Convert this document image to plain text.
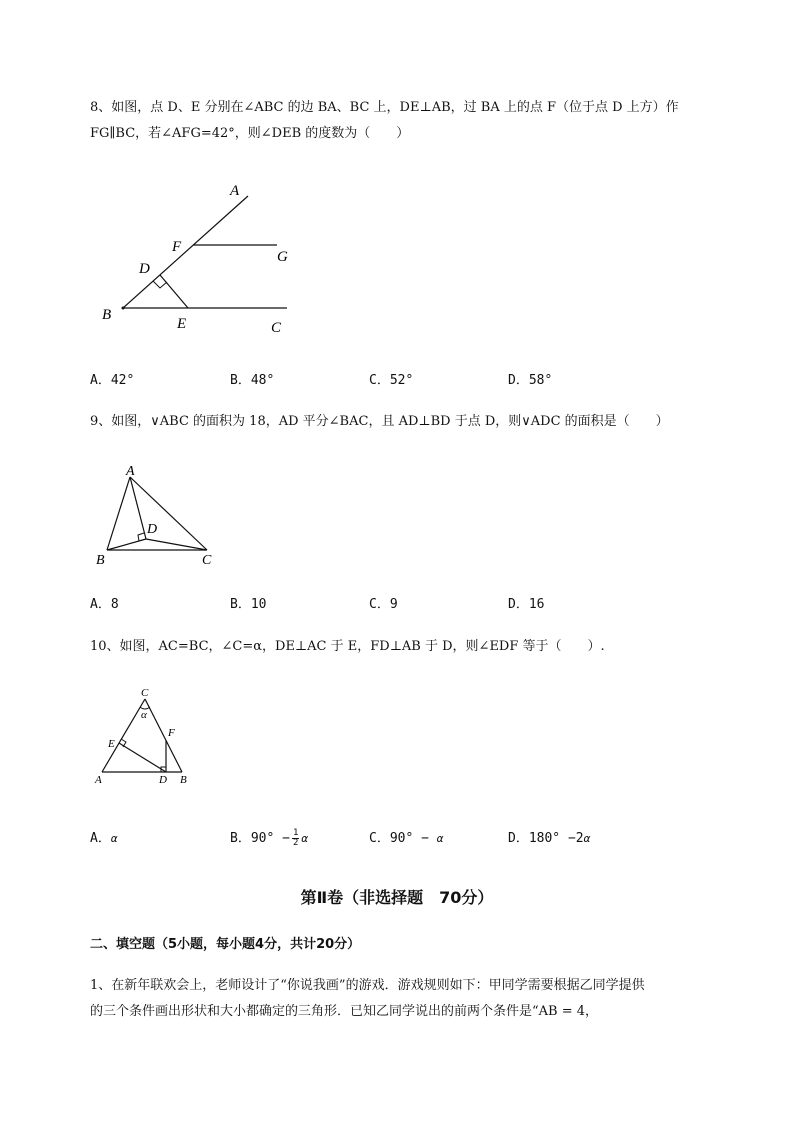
8、如图，点 D、E 分别在∠ABC 的边 BA、BC 上，DE⊥AB，过 BA 上的点 F（位于点 D 上方）作
FG∥BC，若∠AFG=42°，则∠DEB 的度数为（　　）
A
F
G
D
B
E	C
A．42°	B．48°	C．52°	D．58°
9、如图，∨ABC 的面积为 18，AD 平分∠BAC，且 AD⊥BD 于点 D，则∨ADC 的面积是（　　）
A
D
B	C
A．8	B．10	C．9	D．16
10、如图，AC=BC，∠C=α，DE⊥AC 于 E，FD⊥AB 于 D，则∠EDF 等于（　　）.
C
α
F
E
A	D B
A．α	B．$90^\circ - \frac{1}{2}$ α	C．90° − α	D．180° −2α
第Ⅱ卷（非选择题　70分）
二、填空题（5小题，每小题4分，共计20分）
1、在新年联欢会上，老师设计了“你说我画”的游戏．游戏规则如下：甲同学需要根据乙同学提供
的三个条件画出形状和大小都确定的三角形．已知乙同学说出的前两个条件是“AB = 4，
